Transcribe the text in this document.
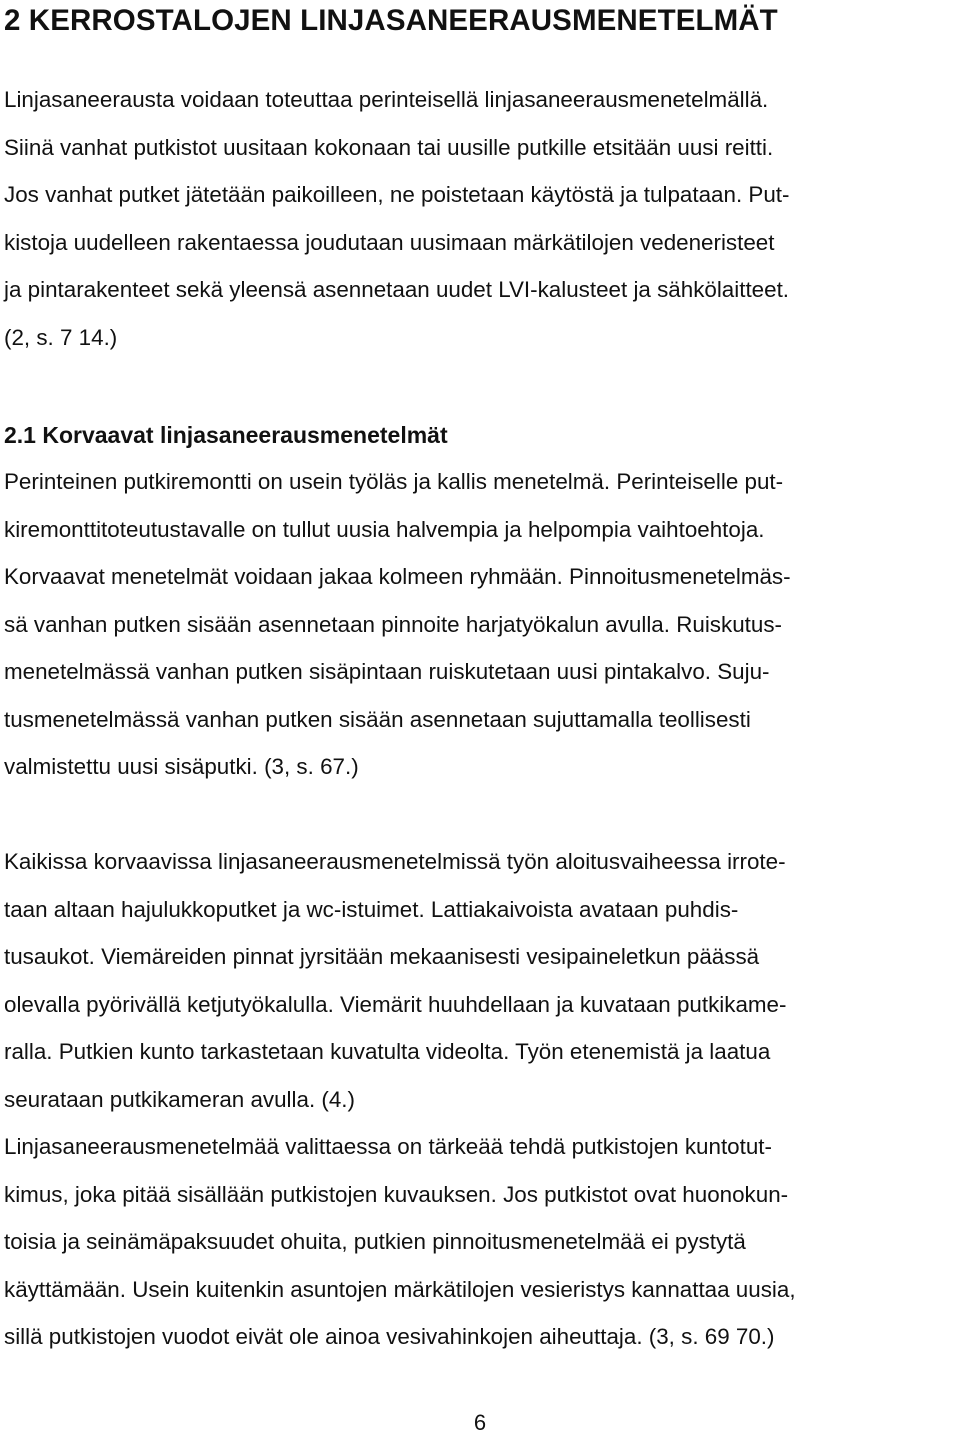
2 KERROSTALOJEN LINJASANEERAUSMENETELMÄT
Linjasaneerausta voidaan toteuttaa perinteisellä linjasaneerausmenetelmällä.
Siinä vanhat putkistot uusitaan kokonaan tai uusille putkille etsitään uusi reitti.
Jos vanhat putket jätetään paikoilleen, ne poistetaan käytöstä ja tulpataan. Put-
kistoja uudelleen rakentaessa joudutaan uusimaan märkätilojen vedeneristeet
ja pintarakenteet sekä yleensä asennetaan uudet LVI-kalusteet ja sähkölaitteet.
(2, s. 7 14.)
2.1 Korvaavat linjasaneerausmenetelmät
Perinteinen putkiremontti on usein työläs ja kallis menetelmä. Perinteiselle put-
kiremonttitoteutustavalle on tullut uusia halvempia ja helpompia vaihtoehtoja.
Korvaavat menetelmät voidaan jakaa kolmeen ryhmään. Pinnoitusmenetelmäs-
sä vanhan putken sisään asennetaan pinnoite harjatyökalun avulla. Ruiskutus-
menetelmässä vanhan putken sisäpintaan ruiskutetaan uusi pintakalvo. Suju-
tusmenetelmässä vanhan putken sisään asennetaan sujuttamalla teollisesti
valmistettu uusi sisäputki. (3, s. 67.)
Kaikissa korvaavissa linjasaneerausmenetelmissä työn aloitusvaiheessa irrote-
taan altaan hajulukkoputket ja wc-istuimet. Lattiakaivoista avataan puhdis-
tusaukot. Viemäreiden pinnat jyrsitään mekaanisesti vesipaineletkun päässä
olevalla pyörivällä ketjutyökalulla. Viemärit huuhdellaan ja kuvataan putkikame-
ralla. Putkien kunto tarkastetaan kuvatulta videolta. Työn etenemistä ja laatua
seurataan putkikameran avulla. (4.)
Linjasaneerausmenetelmää valittaessa on tärkeää tehdä putkistojen kuntotut-
kimus, joka pitää sisällään putkistojen kuvauksen. Jos putkistot ovat huonokun-
toisia ja seinämäpaksuudet ohuita, putkien pinnoitusmenetelmää ei pystytä
käyttämään. Usein kuitenkin asuntojen märkätilojen vesieristys kannattaa uusia,
sillä putkistojen vuodot eivät ole ainoa vesivahinkojen aiheuttaja. (3, s. 69 70.)
6
